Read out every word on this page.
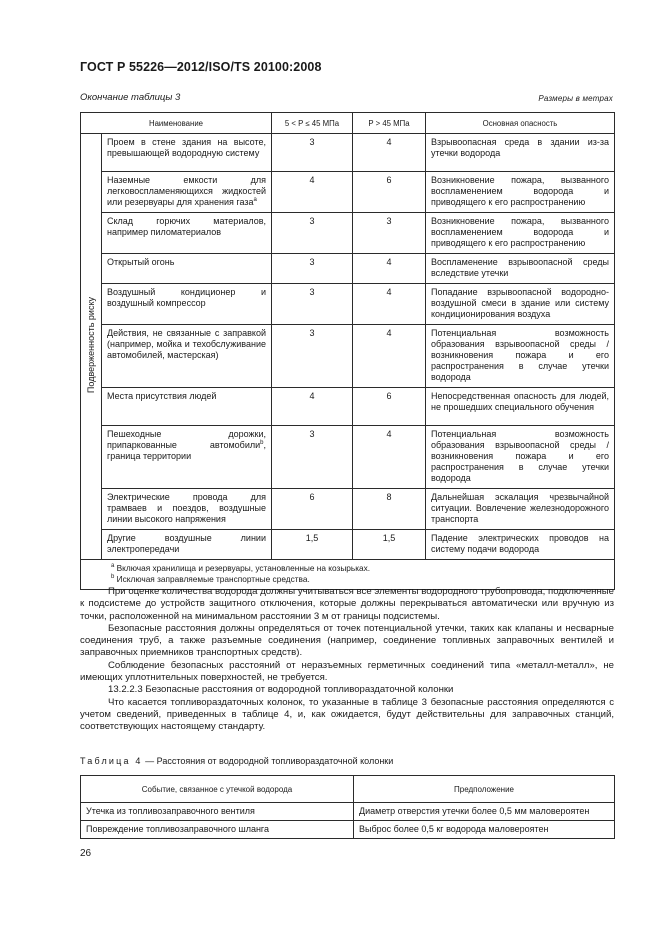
ГОСТ Р 55226—2012/ISO/TS 20100:2008
Окончание таблицы 3	Размеры в метрах
Наименование		5 < P ≤ 45 МПа	P > 45 МПа	Основная опасность
Подверженность риску	Проем в стене здания на высоте, превышающей водородную систему	3	4	Взрывоопасная среда в здании из-за утечки водорода
	Наземные емкости для легковоспламеняющихся жидкостей или резервуары для хранения газа$^a$	4	6	Возникновение пожара, вызванного воспламенением водорода и приводящего к его распространению
	Склад горючих материалов, например пиломатериалов	3	3	Возникновение пожара, вызванного воспламенением водорода и приводящего к его распространению
	Открытый огонь	3	4	Воспламенение взрывоопасной среды вследствие утечки
	Воздушный кондиционер и воздушный компрессор	3	4	Попадание взрывоопасной водородно-воздушной смеси в здание или систему кондиционирования воздуха
	Действия, не связанные с заправкой (например, мойка и техобслуживание автомобилей, мастерская)	3	4	Потенциальная возможность образования взрывоопасной среды / возникновения пожара и его распространения в случае утечки водорода
	Места присутствия людей	4	6	Непосредственная опасность для людей, не прошедших специального обучения
	Пешеходные дорожки, припаркованные автомобили$^b$, граница территории	3	4	Потенциальная возможность образования взрывоопасной среды / возникновения пожара и его распространения в случае утечки водорода
	Электрические провода для трамваев и поездов, воздушные линии высокого напряжения	6	8	Дальнейшая эскалация чрезвычайной ситуации. Вовлечение железнодорожного транспорта
	Другие воздушные линии электропередачи	1,5	1,5	Падение электрических проводов на систему подачи водорода

$^a$ Включая хранилища и резервуары, установленные на козырьках.
$^b$ Исключая заправляемые транспортные средства.				

При оценке количества водорода должны учитываться все элементы водородного трубопровода, подключенные к подсистеме до устройств защитного отключения, которые должны перекрываться автоматически или вручную из точки, расположенной на минимальном расстоянии 3 м от границы подсистемы.

Безопасные расстояния должны определяться от точек потенциальной утечки, таких как клапаны и несварные соединения труб, а также разъемные соединения (например, соединение топливных заправочных вентилей и заправочных приемников транспортных средств).

Соблюдение безопасных расстояний от неразъемных герметичных соединений типа «металл-металл», не имеющих уплотнительных поверхностей, не требуется.

13.2.2.3 Безопасные расстояния от водородной топливораздаточной колонки

Что касается топливораздаточных колонок, то указанные в таблице 3 безопасные расстояния определяются с учетом сведений, приведенных в таблице 4, и, как ожидается, будут действительны для заправочных станций, соответствующих настоящему стандарту.

Таблица 4 — Расстояния от водородной топливораздаточной колонки
Событие, связанное с утечкой водорода	Предположение
Утечка из топливозаправочного вентиля	Диаметр отверстия утечки более 0,5 мм маловероятен
Повреждение топливозаправочного шланга	Выброс более 0,5 кг водорода маловероятен
26
